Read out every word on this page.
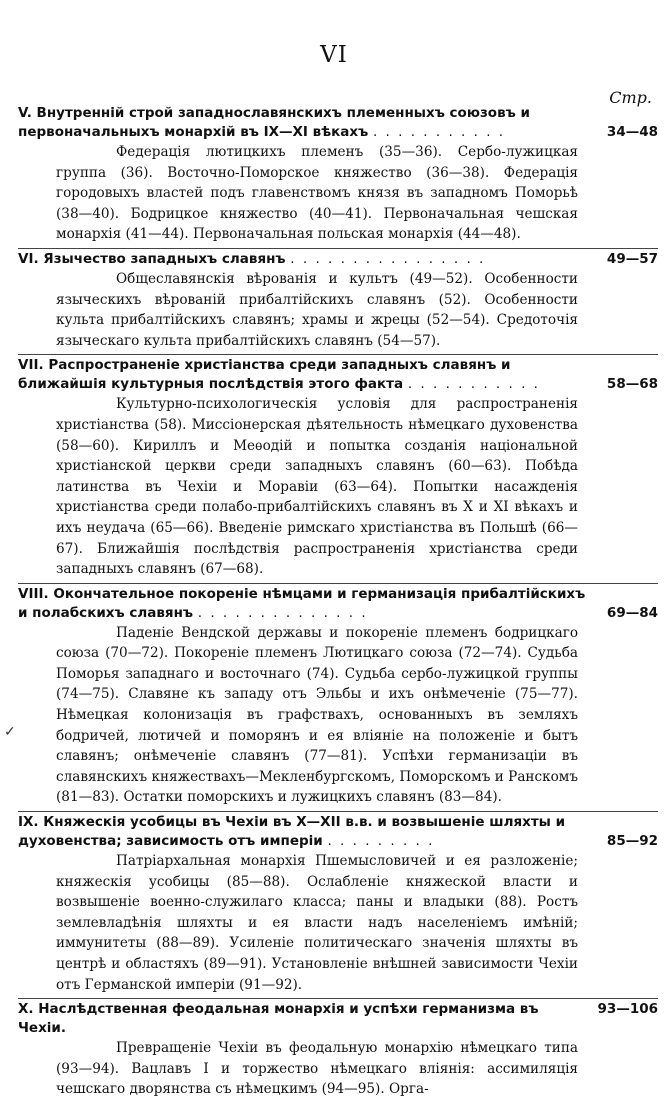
VI
Стр.
34—48

V. Внутренній строй западнославянскихъ племенныхъ союзовъ и первоначальныхъ монархій въ IX—XI вѣкахъ . . . . . . . . . . .

Федерація лютицкихъ племенъ (35—36). Сербо-лужицкая группа (36). Восточно-Поморское княжество (36—38). Федерація городовыхъ властей подъ главенствомъ князя въ западномъ Поморьѣ (38—40). Бодрицкое княжество (40—41). Первоначальная чешская монархія (41—44). Первоначальная польская монархія (44—48).

49—57

VI. Язычество западныхъ славянъ . . . . . . . . . . . . . . . .

Общеславянскія вѣрованія и культъ (49—52). Особенности языческихъ вѣрованій прибалтійскихъ славянъ (52). Особенности культа прибалтійскихъ славянъ; храмы и жрецы (52—54). Средоточія языческаго культа прибалтійскихъ славянъ (54—57).

58—68

VII. Распространеніе христіанства среди западныхъ славянъ и ближайшія культурныя послѣдствія этого факта . . . . . . . . . . .

Культурно-психологическія условія для распространенія христіанства (58). Миссіонерская дѣятельность нѣмецкаго духовенства (58—60). Кириллъ и Меѳодій и попытка созданія національной христіанской церкви среди западныхъ славянъ (60—63). Побѣда латинства въ Чехіи и Моравіи (63—64). Попытки насажденія христіанства среди полабо-прибалтійскихъ славянъ въ X и XI вѣкахъ и ихъ неудача (65—66). Введеніе римскаго христіанства въ Польшѣ (66—67). Ближайшія послѣдствія распространенія христіанства среди западныхъ славянъ (67—68).

69—84

VIII. Окончательное покореніе нѣмцами и германизація прибалтійскихъ и полабскихъ славянъ . . . . . . . . . . . . . .

Паденіе Вендской державы и покореніе племенъ бодрицкаго союза (70—72). Покореніе племенъ Лютицкаго союза (72—74). Судьба Поморья западнаго и восточнаго (74). Судьба сербо-лужицкой группы (74—75). Славяне къ западу отъ Эльбы и ихъ онѣмеченіе (75—77). Нѣмецкая колонизація въ графствахъ, основанныхъ въ земляхъ бодричей, лютичей и поморянъ и ея вліяніе на положеніе и бытъ славянъ; онѣмеченіе славянъ (77—81). Успѣхи германизаціи въ славянскихъ княжествахъ—Мекленбургскомъ, Поморскомъ и Ранскомъ (81—83). Остатки поморскихъ и лужицкихъ славянъ (83—84).

85—92

IX. Княжескія усобицы въ Чехіи въ X—XII в.в. и возвышеніе шляхты и духовенства; зависимость отъ имперіи . . . . . . . . .

Патріархальная монархія Пшемысловичей и ея разложеніе; княжескія усобицы (85—88). Ослабленіе княжеской власти и возвышеніе военно-служилаго класса; паны и владыки (88). Ростъ землевладѣнія шляхты и ея власти надъ населеніемъ имѣній; иммунитеты (88—89). Усиленіе политическаго значенія шляхты въ центрѣ и областяхъ (89—91). Установленіе внѣшней зависимости Чехіи отъ Германской имперіи (91—92).

93—106

X. Наслѣдственная феодальная монархія и успѣхи германизма въ Чехіи.

Превращеніе Чехіи въ феодальную монархію нѣмецкаго типа (93—94). Вацлавъ I и торжество нѣмецкаго вліянія: ассимиляція чешскаго дворянства съ нѣмецкимъ (94—95). Орга-

✓
